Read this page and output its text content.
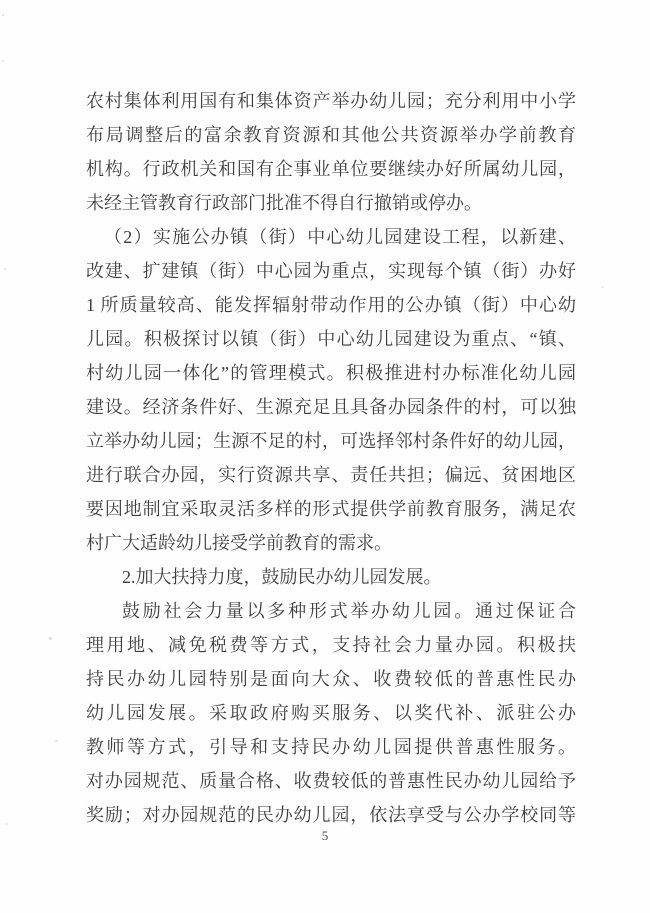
农村集体利用国有和集体资产举办幼儿园；充分利用中小学
布局调整后的富余教育资源和其他公共资源举办学前教育
机构。行政机关和国有企事业单位要继续办好所属幼儿园，
未经主管教育行政部门批准不得自行撤销或停办。
（2）实施公办镇（街）中心幼儿园建设工程，以新建、
改建、扩建镇（街）中心园为重点，实现每个镇（街）办好
1 所质量较高、能发挥辐射带动作用的公办镇（街）中心幼
儿园。积极探讨以镇（街）中心幼儿园建设为重点、“镇、
村幼儿园一体化”的管理模式。积极推进村办标准化幼儿园
建设。经济条件好、生源充足且具备办园条件的村，可以独
立举办幼儿园；生源不足的村，可选择邻村条件好的幼儿园，
进行联合办园，实行资源共享、责任共担；偏远、贫困地区
要因地制宜采取灵活多样的形式提供学前教育服务，满足农
村广大适龄幼儿接受学前教育的需求。
2.加大扶持力度，鼓励民办幼儿园发展。
鼓励社会力量以多种形式举办幼儿园。通过保证合
理用地、减免税费等方式，支持社会力量办园。积极扶
持民办幼儿园特别是面向大众、收费较低的普惠性民办
幼儿园发展。采取政府购买服务、以奖代补、派驻公办
教师等方式，引导和支持民办幼儿园提供普惠性服务。
对办园规范、质量合格、收费较低的普惠性民办幼儿园给予
奖励；对办园规范的民办幼儿园，依法享受与公办学校同等
5
